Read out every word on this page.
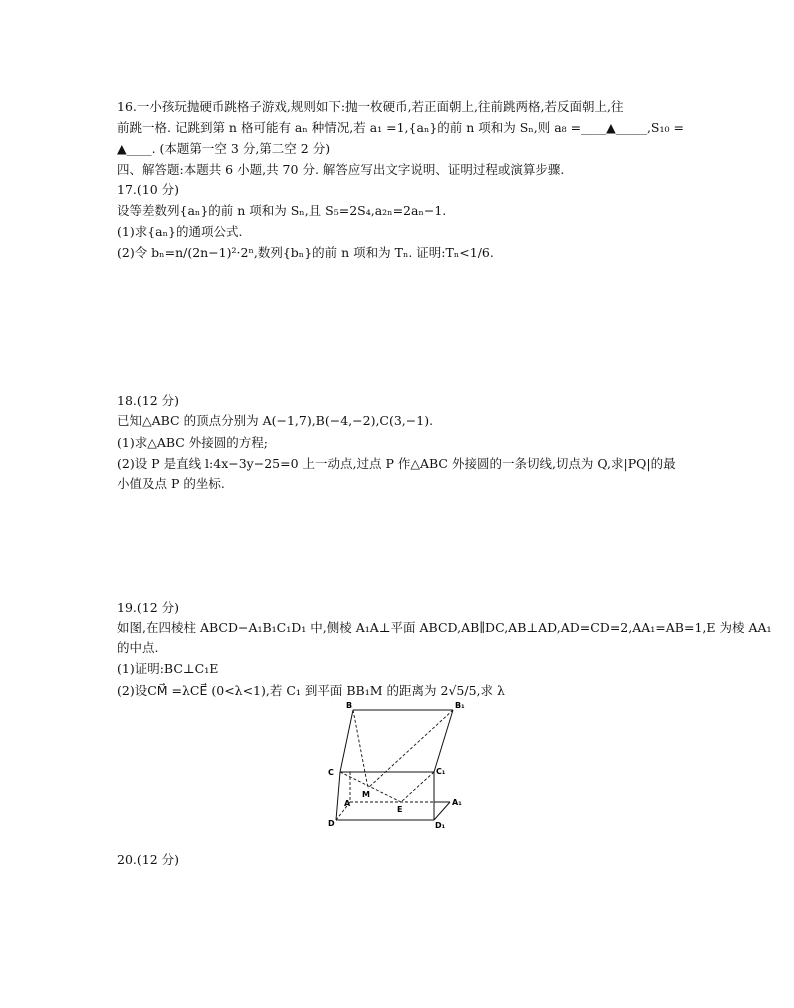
16.一小孩玩抛硬币跳格子游戏,规则如下:抛一枚硬币,若正面朝上,往前跳两格,若反面朝上,往
前跳一格. 记跳到第 n 格可能有 aₙ 种情况,若 a₁ =1,{aₙ}的前 n 项和为 Sₙ,则 a₈ =____▲_____,S₁₀ =
▲____. (本题第一空 3 分,第二空 2 分)
四、解答题:本题共 6 小题,共 70 分. 解答应写出文字说明、证明过程或演算步骤.
17.(10 分)
设等差数列{aₙ}的前 n 项和为 Sₙ,且 S₅=2S₄,a₂ₙ=2aₙ−1.
(1)求{aₙ}的通项公式.
(2)令 bₙ=n/(2n−1)²·2ⁿ,数列{bₙ}的前 n 项和为 Tₙ. 证明:Tₙ<1/6.
18.(12 分)
已知△ABC 的顶点分别为 A(−1,7),B(−4,−2),C(3,−1).
(1)求△ABC 外接圆的方程;
(2)设 P 是直线 l:4x−3y−25=0 上一动点,过点 P 作△ABC 外接圆的一条切线,切点为 Q,求|PQ|的最
小值及点 P 的坐标.
19.(12 分)
如图,在四棱柱 ABCD−A₁B₁C₁D₁ 中,侧棱 A₁A⊥平面 ABCD,AB∥DC,AB⊥AD,AD=CD=2,AA₁=AB=1,E 为棱 AA₁
的中点.
(1)证明:BC⊥C₁E
(2)设CM⃗ =λCE⃗ (0<λ<1),若 C₁ 到平面 BB₁M 的距离为 2√5/5,求 λ
B	B₁
C	C₁
M
A	A₁
E
D	D₁
20.(12 分)
